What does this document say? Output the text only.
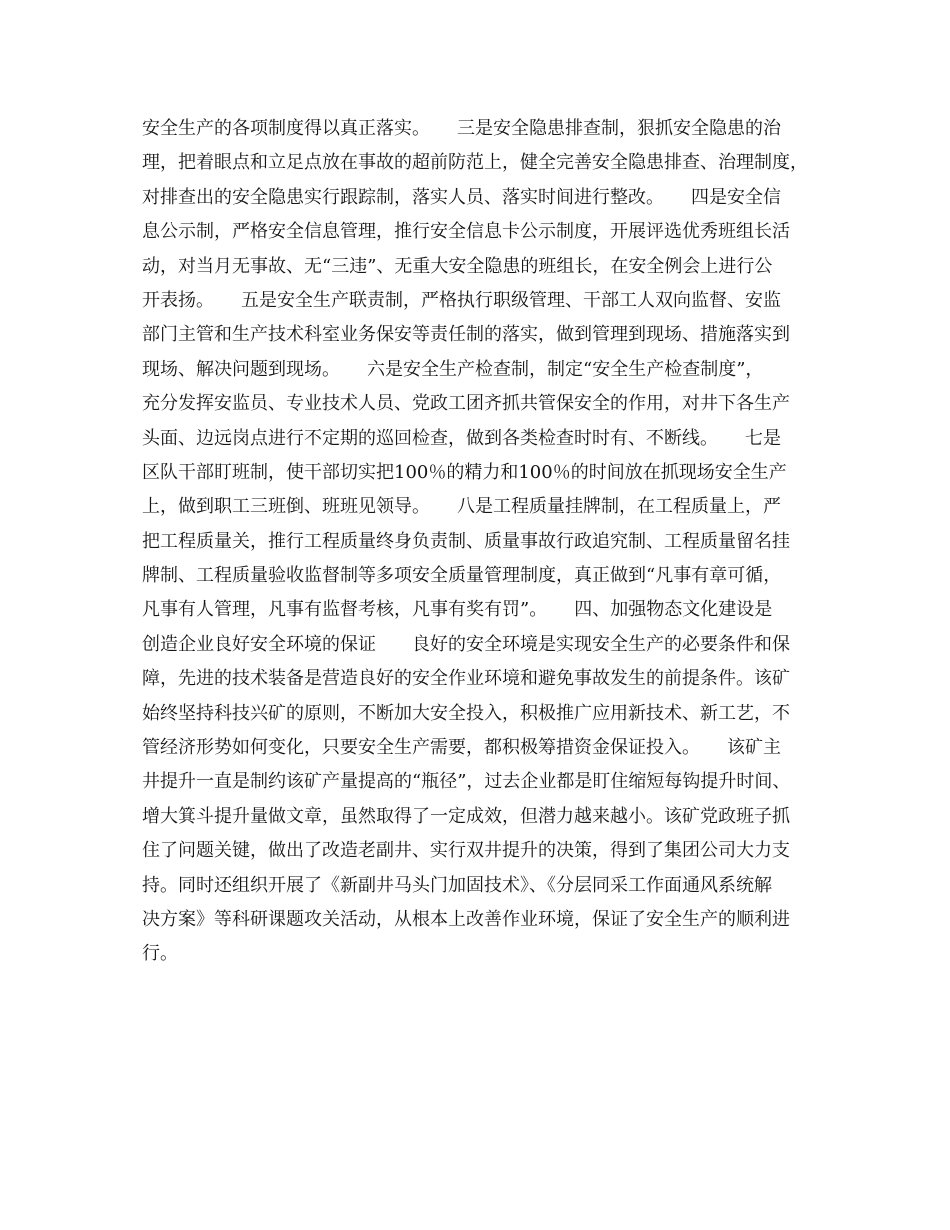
安全生产的各项制度得以真正落实。　　三是安全隐患排查制，狠抓安全隐患的治
理，把着眼点和立足点放在事故的超前防范上，健全完善安全隐患排查、治理制度，
对排查出的安全隐患实行跟踪制，落实人员、落实时间进行整改。　　四是安全信
息公示制，严格安全信息管理，推行安全信息卡公示制度，开展评选优秀班组长活
动，对当月无事故、无“三违”、无重大安全隐患的班组长，在安全例会上进行公
开表扬。　　五是安全生产联责制，严格执行职级管理、干部工人双向监督、安监
部门主管和生产技术科室业务保安等责任制的落实，做到管理到现场、措施落实到
现场、解决问题到现场。　　六是安全生产检查制，制定“安全生产检查制度”，
充分发挥安监员、专业技术人员、党政工团齐抓共管保安全的作用，对井下各生产
头面、边远岗点进行不定期的巡回检查，做到各类检查时时有、不断线。　　七是
区队干部盯班制，使干部切实把100％的精力和100％的时间放在抓现场安全生产
上，做到职工三班倒、班班见领导。　　八是工程质量挂牌制，在工程质量上，严
把工程质量关，推行工程质量终身负责制、质量事故行政追究制、工程质量留名挂
牌制、工程质量验收监督制等多项安全质量管理制度，真正做到“凡事有章可循，
凡事有人管理，凡事有监督考核，凡事有奖有罚”。　　四、加强物态文化建设是
创造企业良好安全环境的保证　　良好的安全环境是实现安全生产的必要条件和保
障，先进的技术装备是营造良好的安全作业环境和避免事故发生的前提条件。该矿
始终坚持科技兴矿的原则，不断加大安全投入，积极推广应用新技术、新工艺，不
管经济形势如何变化，只要安全生产需要，都积极筹措资金保证投入。　　该矿主
井提升一直是制约该矿产量提高的“瓶径”，过去企业都是盯住缩短每钩提升时间、
增大箕斗提升量做文章，虽然取得了一定成效，但潜力越来越小。该矿党政班子抓
住了问题关键，做出了改造老副井、实行双井提升的决策，得到了集团公司大力支
持。同时还组织开展了《新副井马头门加固技术》、《分层同采工作面通风系统解
决方案》等科研课题攻关活动，从根本上改善作业环境，保证了安全生产的顺利进
行。
